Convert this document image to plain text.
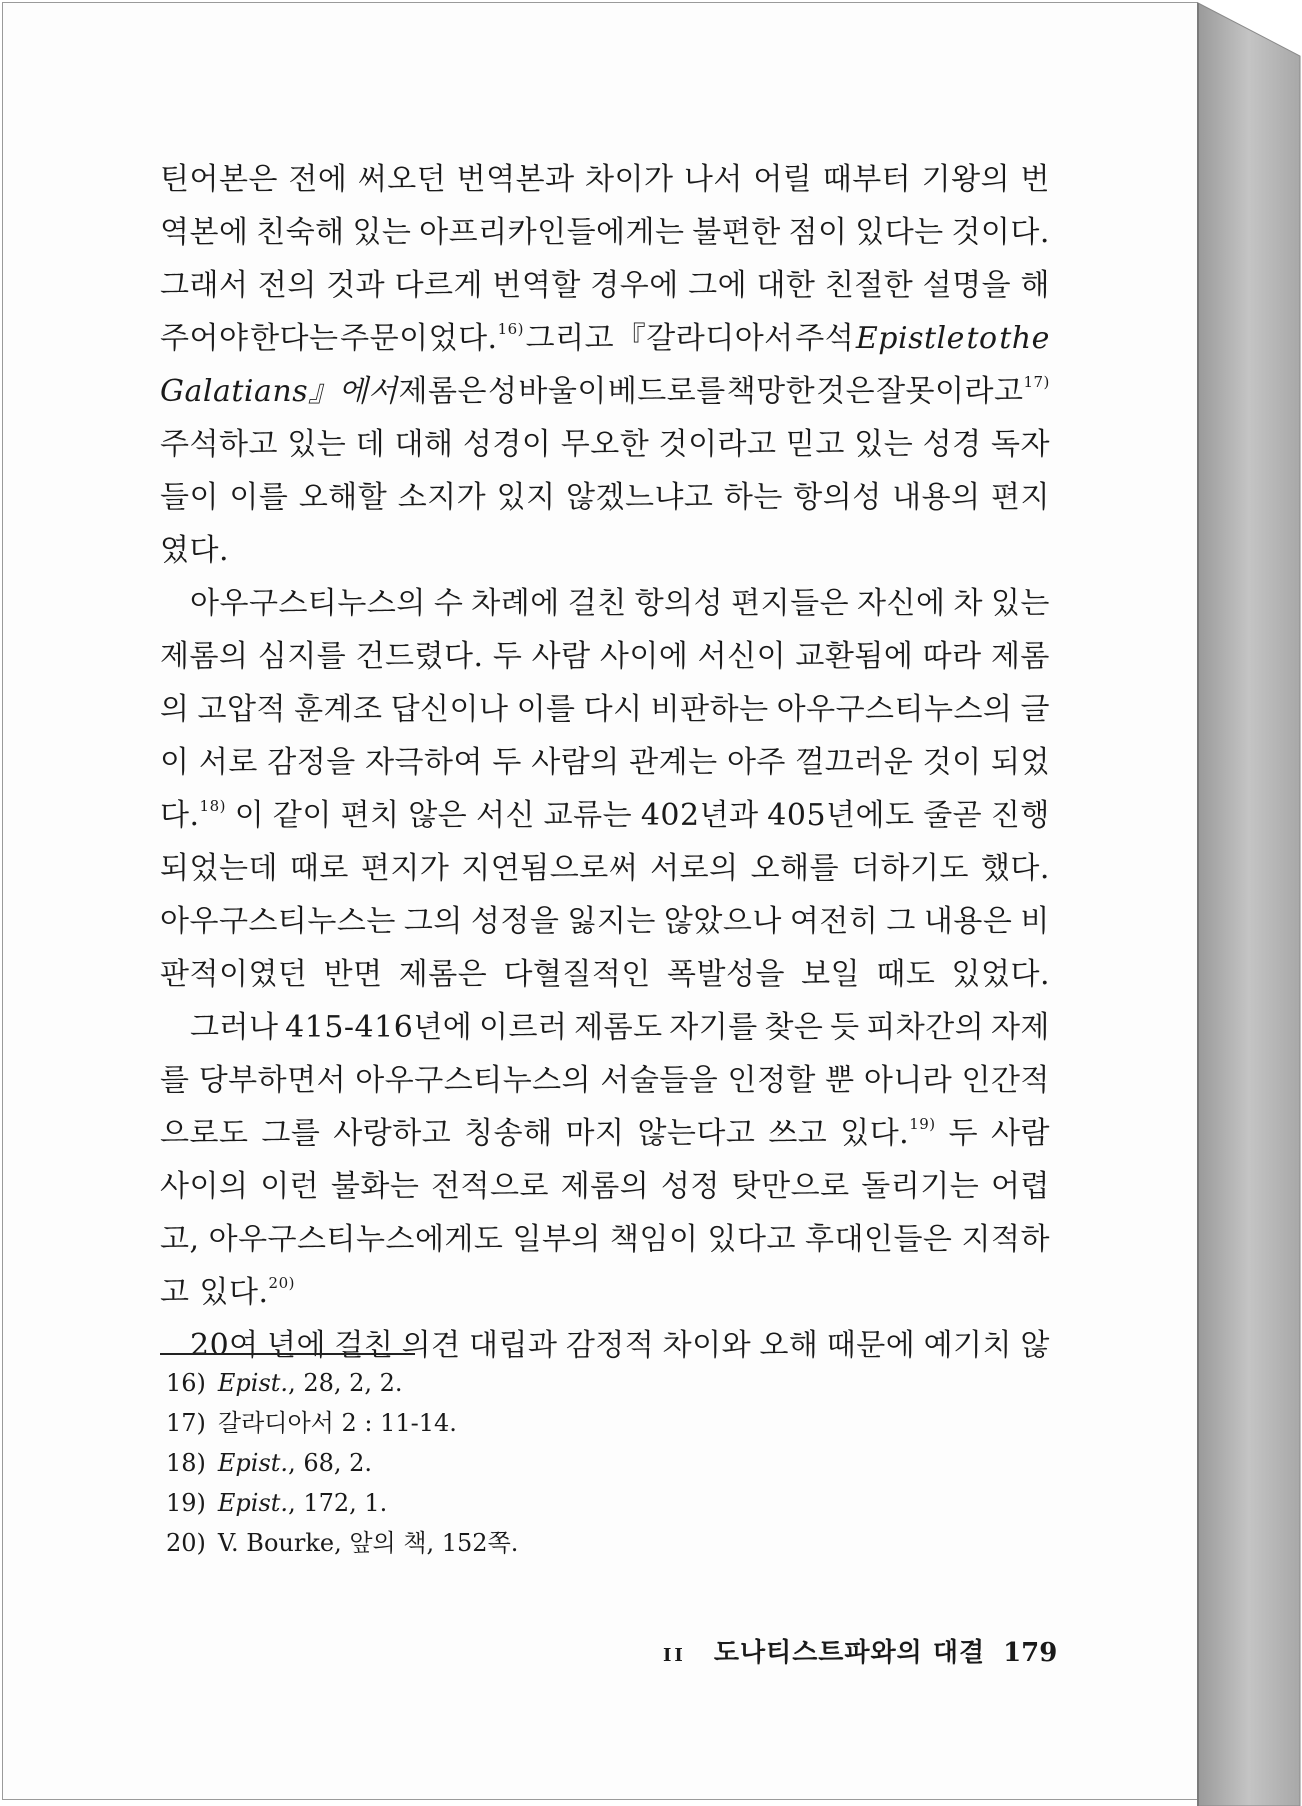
틴어본은 전에 써오던 번역본과 차이가 나서 어릴 때부터 기왕의 번
역본에 친숙해 있는 아프리카인들에게는 불편한 점이 있다는 것이다.
그래서 전의 것과 다르게 번역할 경우에 그에 대한 친절한 설명을 해
주어야 한다는 주문이었다.$^{16)}$ 그리고 『갈라디아서 주석 Epistle to the
Galatians』에서 제롬은 성 바울이 베드로를 책망한 것은 잘못이라고$^{17)}$
주석하고 있는 데 대해 성경이 무오한 것이라고 믿고 있는 성경 독자
들이 이를 오해할 소지가 있지 않겠느냐고 하는 항의성 내용의 편지
였다.
아우구스티누스의 수 차례에 걸친 항의성 편지들은 자신에 차 있는
제롬의 심지를 건드렸다. 두 사람 사이에 서신이 교환됨에 따라 제롬
의 고압적 훈계조 답신이나 이를 다시 비판하는 아우구스티누스의 글
이 서로 감정을 자극하여 두 사람의 관계는 아주 껄끄러운 것이 되었
다.$^{18)}$ 이 같이 편치 않은 서신 교류는 402년과 405년에도 줄곧 진행
되었는데 때로 편지가 지연됨으로써 서로의 오해를 더하기도 했다.
아우구스티누스는 그의 성정을 잃지는 않았으나 여전히 그 내용은 비
판적이였던 반면 제롬은 다혈질적인 폭발성을 보일 때도 있었다.
그러나 415-416년에 이르러 제롬도 자기를 찾은 듯 피차간의 자제
를 당부하면서 아우구스티누스의 서술들을 인정할 뿐 아니라 인간적
으로도 그를 사랑하고 칭송해 마지 않는다고 쓰고 있다.$^{19)}$ 두 사람
사이의 이런 불화는 전적으로 제롬의 성정 탓만으로 돌리기는 어렵
고, 아우구스티누스에게도 일부의 책임이 있다고 후대인들은 지적하
고
있다.$^{20)}$
20여 년에 걸친 의견 대립과 감정적 차이와 오해 때문에 예기치 않
16) Epist., 28, 2, 2.
17) 갈라디아서 2 : 11-14.
18) Epist., 68, 2.
19) Epist., 172, 1.
20) V. Bourke, 앞의 책, 152쪽.
II 도나티스트파와의 대결 179
